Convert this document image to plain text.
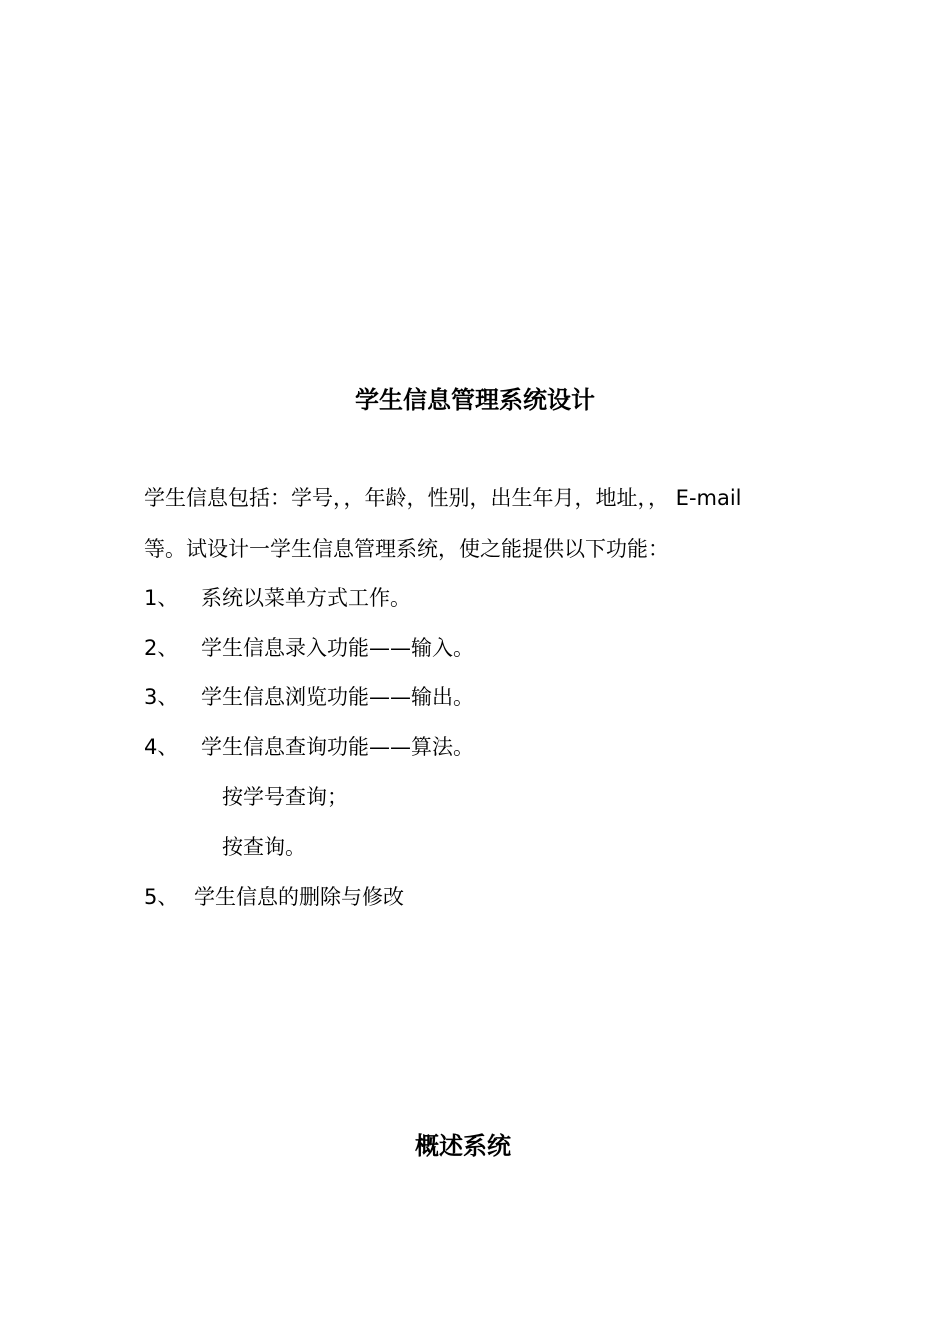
学生信息管理系统设计

学生信息包括：学号，，年龄，性别，出生年月，地址，， E-mail

等。试设计一学生信息管理系统，使之能提供以下功能：

1、 系统以菜单方式工作。

2、 学生信息录入功能——输入。

3、 学生信息浏览功能——输出。

4、 学生信息查询功能——算法。

按学号查询；

按查询。

5、 学生信息的删除与修改

概述系统
